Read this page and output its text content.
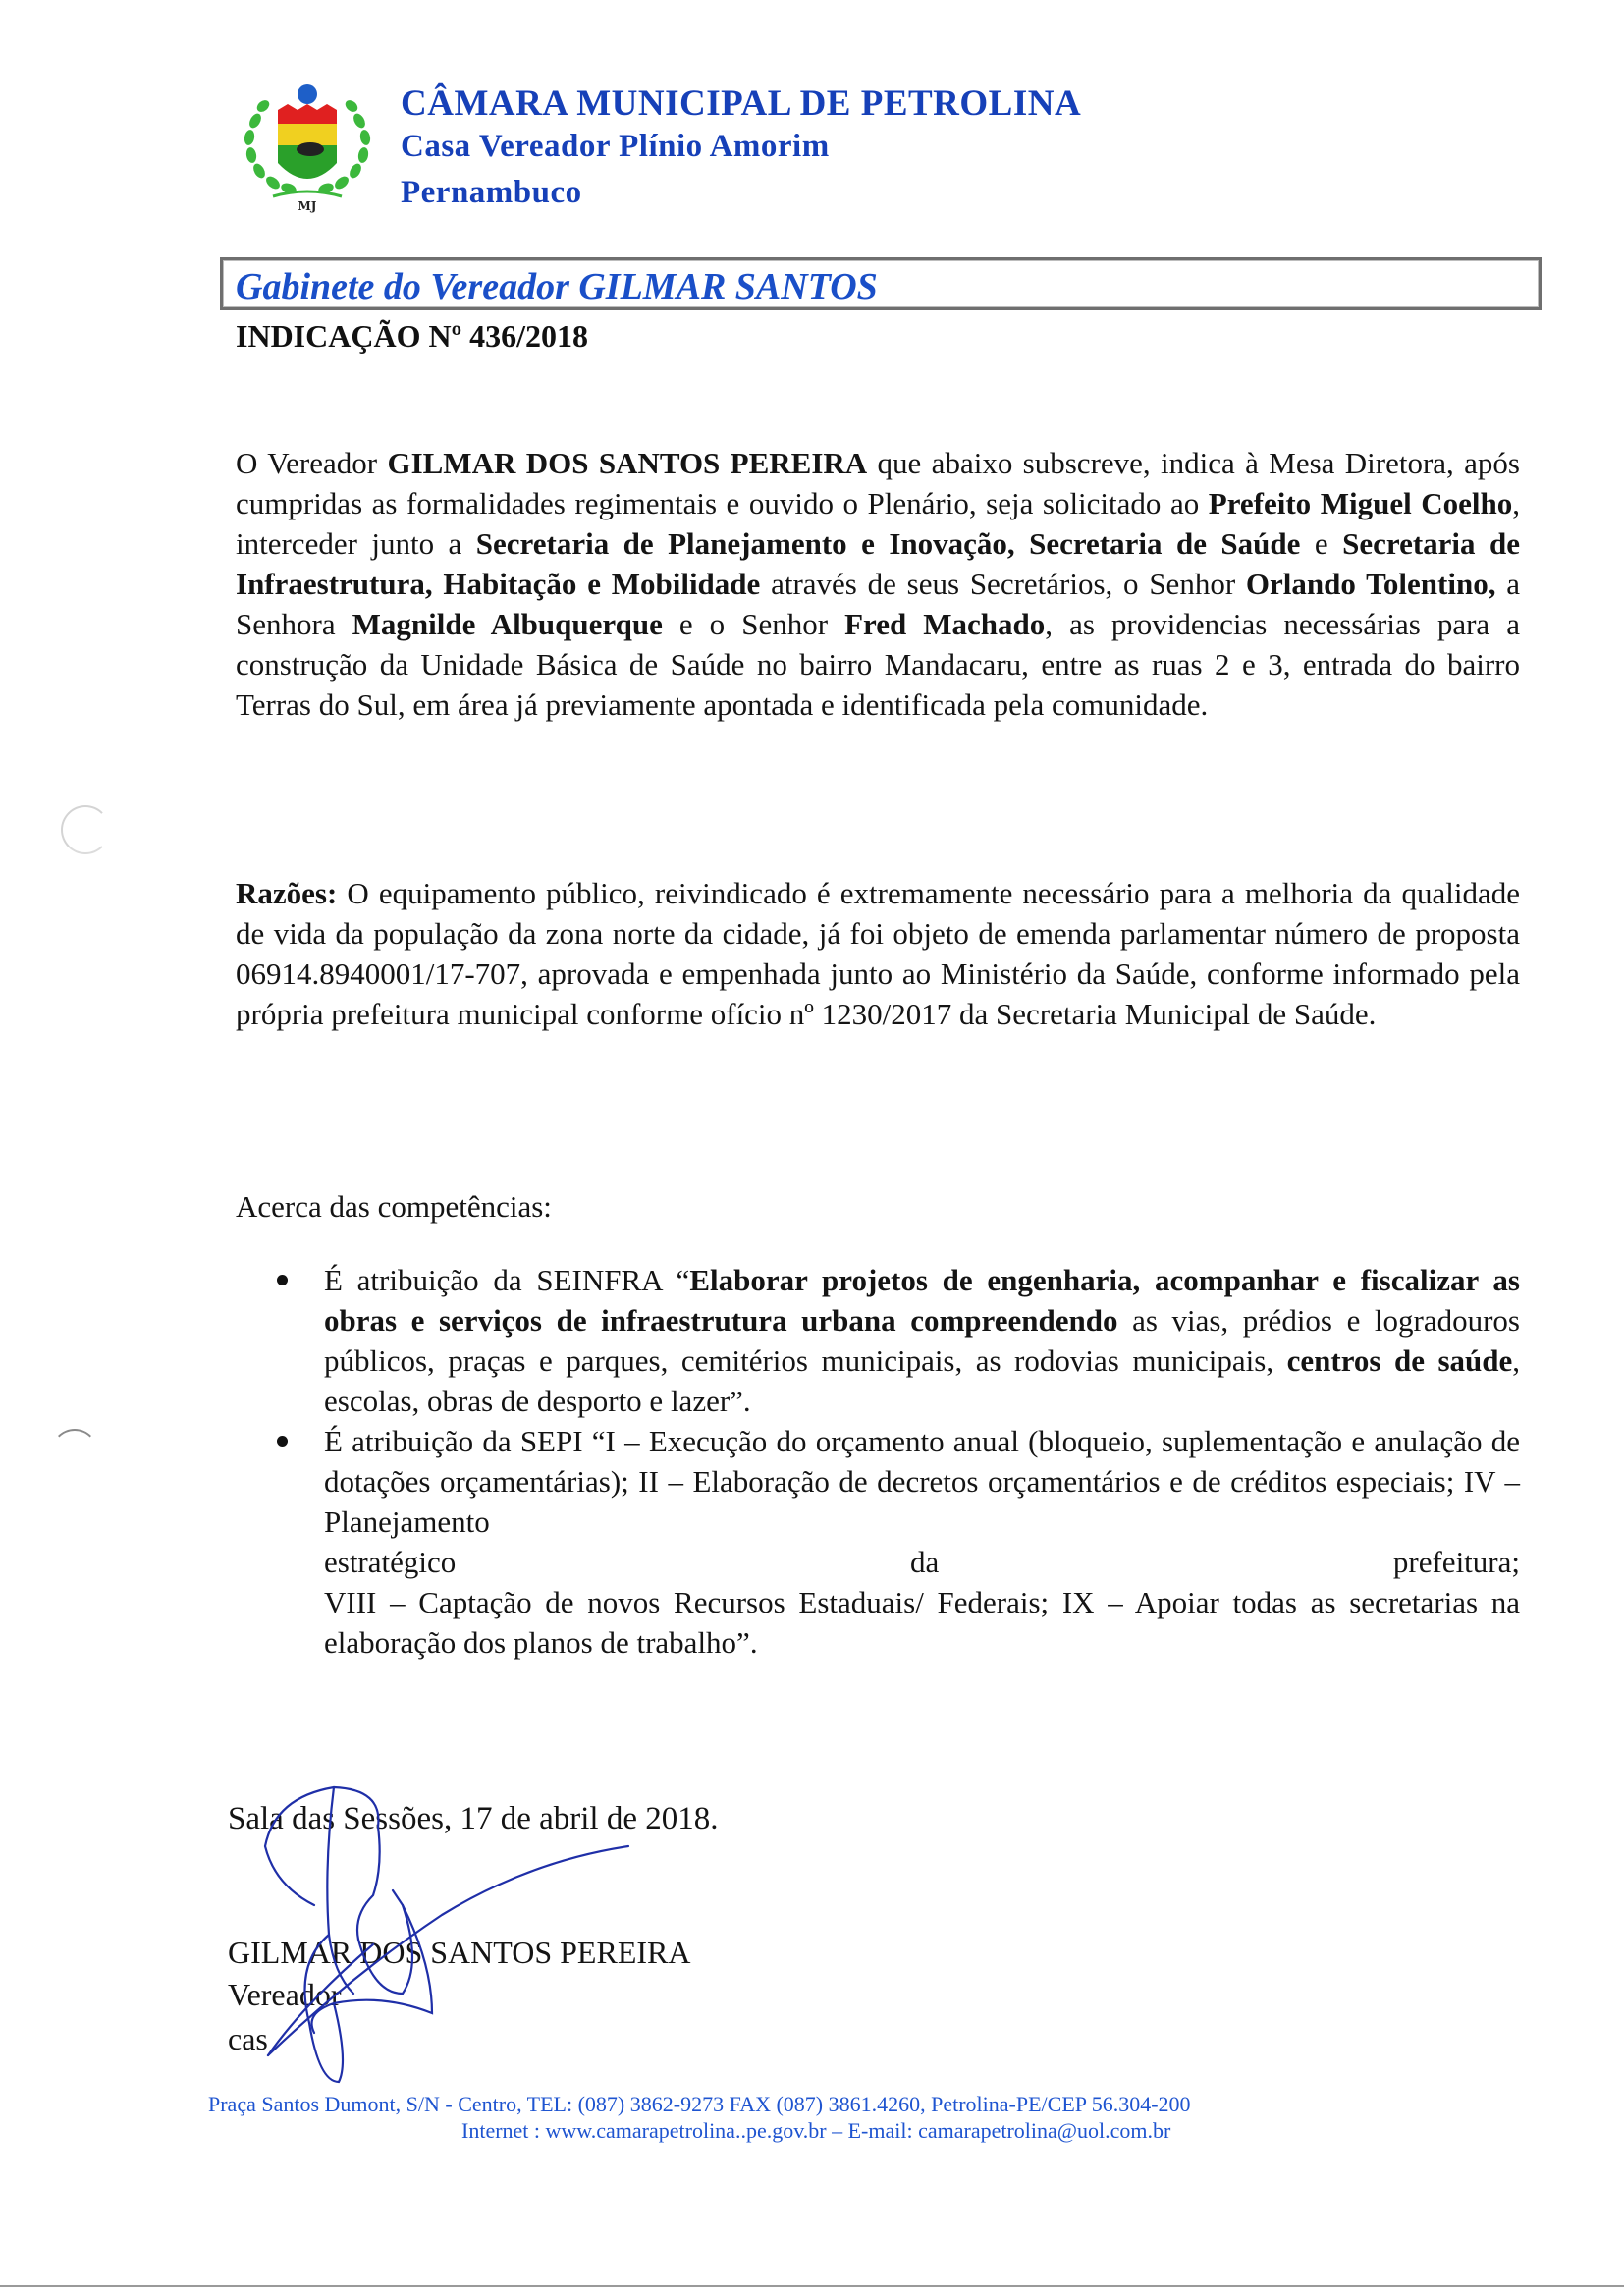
MJ
CÂMARA MUNICIPAL DE PETROLINA
Casa Vereador Plínio Amorim
Pernambuco
Gabinete do Vereador GILMAR SANTOS
INDICAÇÃO Nº 436/2018
O Vereador GILMAR DOS SANTOS PEREIRA que abaixo subscreve, indica à Mesa Diretora, após cumpridas as formalidades regimentais e ouvido o Plenário, seja solicitado ao Prefeito Miguel Coelho, interceder junto a Secretaria de Planejamento e Inovação, Secretaria de Saúde e Secretaria de Infraestrutura, Habitação e Mobilidade através de seus Secretários, o Senhor Orlando Tolentino, a Senhora Magnilde Albuquerque e o Senhor Fred Machado, as providencias necessárias para a construção da Unidade Básica de Saúde no bairro Mandacaru, entre as ruas 2 e 3, entrada do bairro Terras do Sul, em área já previamente apontada e identificada pela comunidade.
Razões: O equipamento público, reivindicado é extremamente necessário para a melhoria da qualidade de vida da população da zona norte da cidade, já foi objeto de emenda parlamentar número de proposta 06914.8940001/17-707, aprovada e empenhada junto ao Ministério da Saúde, conforme informado pela própria prefeitura municipal conforme ofício nº 1230/2017 da Secretaria Municipal de Saúde.
Acerca das competências:
É atribuição da SEINFRA “Elaborar projetos de engenharia, acompanhar e fiscalizar as obras e serviços de infraestrutura urbana compreendendo as vias, prédios e logradouros públicos, praças e parques, cemitérios municipais, as rodovias municipais, centros de saúde, escolas, obras de desporto e lazer”.
É atribuição da SEPI “I – Execução do orçamento anual (bloqueio, suplementação e anulação de dotações orçamentárias); II – Elaboração de decretos orçamentários e de créditos especiais; IV – Planejamento
estratégico	da	prefeitura;
VIII – Captação de novos Recursos Estaduais/ Federais; IX – Apoiar todas as secretarias na elaboração dos planos de trabalho”.
Sala das Sessões, 17 de abril de 2018.
GILMAR DOS SANTOS PEREIRA
Vereador
cas
Praça Santos Dumont, S/N - Centro, TEL: (087) 3862-9273 FAX (087) 3861.4260, Petrolina-PE/CEP 56.304-200
Internet : www.camarapetrolina..pe.gov.br – E-mail: camarapetrolina@uol.com.br
